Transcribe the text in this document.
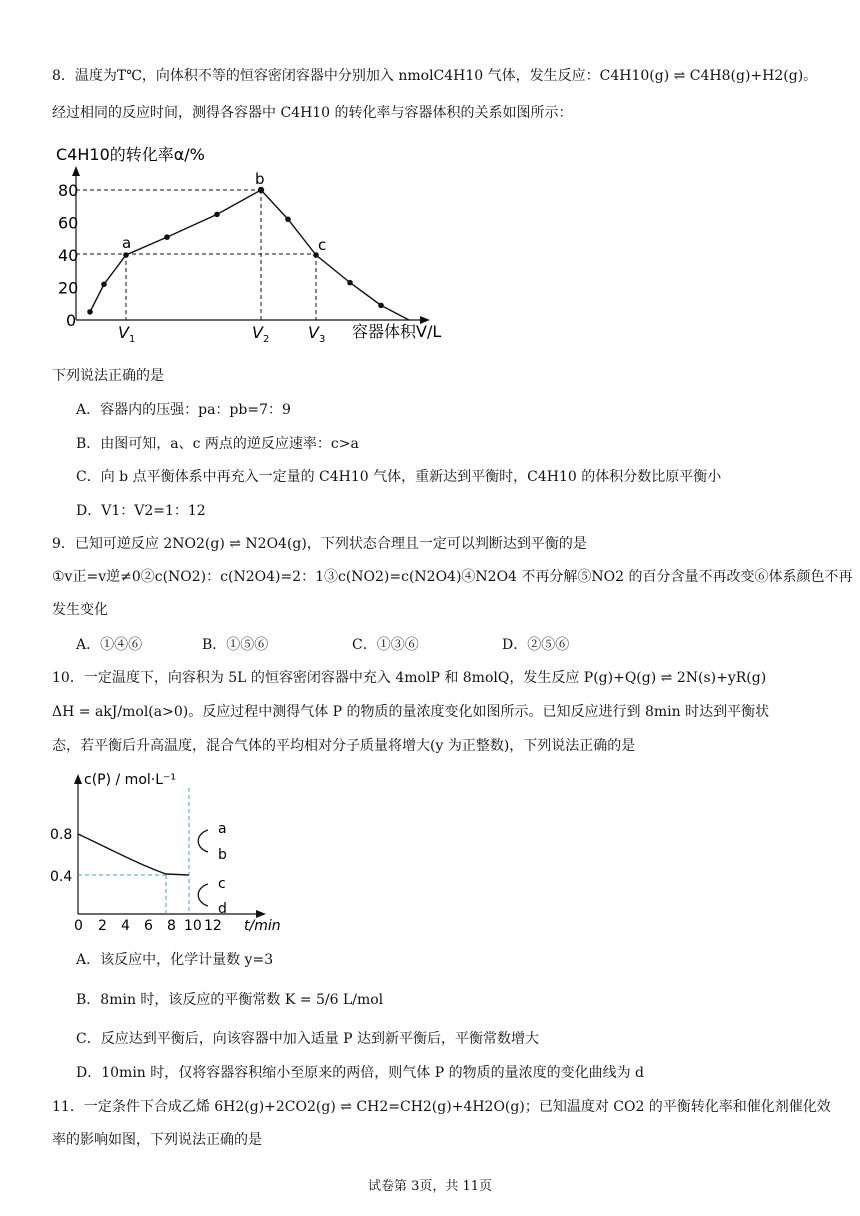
8．温度为T℃，向体积不等的恒容密闭容器中分别加入 nmolC4H10 气体，发生反应：C4H10(g) ⇌ C4H8(g)+H2(g)。
经过相同的反应时间，测得各容器中 C4H10 的转化率与容器体积的关系如图所示：
C4H10的转化率α/%
80
60
40
20
0
a
b
c
$V_1$	$V_2$ $V_3$ 容器体积V/L
下列说法正确的是
A．容器内的压强：pa：pb=7：9
B．由图可知，a、c 两点的逆反应速率：c>a
C．向 b 点平衡体系中再充入一定量的 C4H10 气体，重新达到平衡时，C4H10 的体积分数比原平衡小
D．V1：V2=1：12
9．已知可逆反应 2NO2(g) ⇌ N2O4(g)，下列状态合理且一定可以判断达到平衡的是
①v正=v逆≠0②c(NO2)：c(N2O4)=2：1③c(NO2)=c(N2O4)④N2O4 不再分解⑤NO2 的百分含量不再改变⑥体系颜色不再
发生变化
A．①④⑥	B．①⑤⑥	C．①③⑥	D．②⑤⑥
10．一定温度下，向容积为 5L 的恒容密闭容器中充入 4molP 和 8molQ，发生反应 P(g)+Q(g) ⇌ 2N(s)+yR(g)
ΔH = akJ/mol(a>0)。反应过程中测得气体 P 的物质的量浓度变化如图所示。已知反应进行到 8min 时达到平衡状
态，若平衡后升高温度，混合气体的平均相对分子质量将增大(y 为正整数)，下列说法正确的是
c(P) / mol·L⁻¹
0.8
0.4
a
b
c
d
0 2 4 6 8 10 12 t/min
A．该反应中，化学计量数 y=3
B．8min 时，该反应的平衡常数 K = 5/6 L/mol
C．反应达到平衡后，向该容器中加入适量 P 达到新平衡后，平衡常数增大
D．10min 时，仅将容器容积缩小至原来的两倍，则气体 P 的物质的量浓度的变化曲线为 d
11．一定条件下合成乙烯 6H2(g)+2CO2(g) ⇌ CH2=CH2(g)+4H2O(g)；已知温度对 CO2 的平衡转化率和催化剂催化效
率的影响如图，下列说法正确的是
试卷第 3页，共 11页
